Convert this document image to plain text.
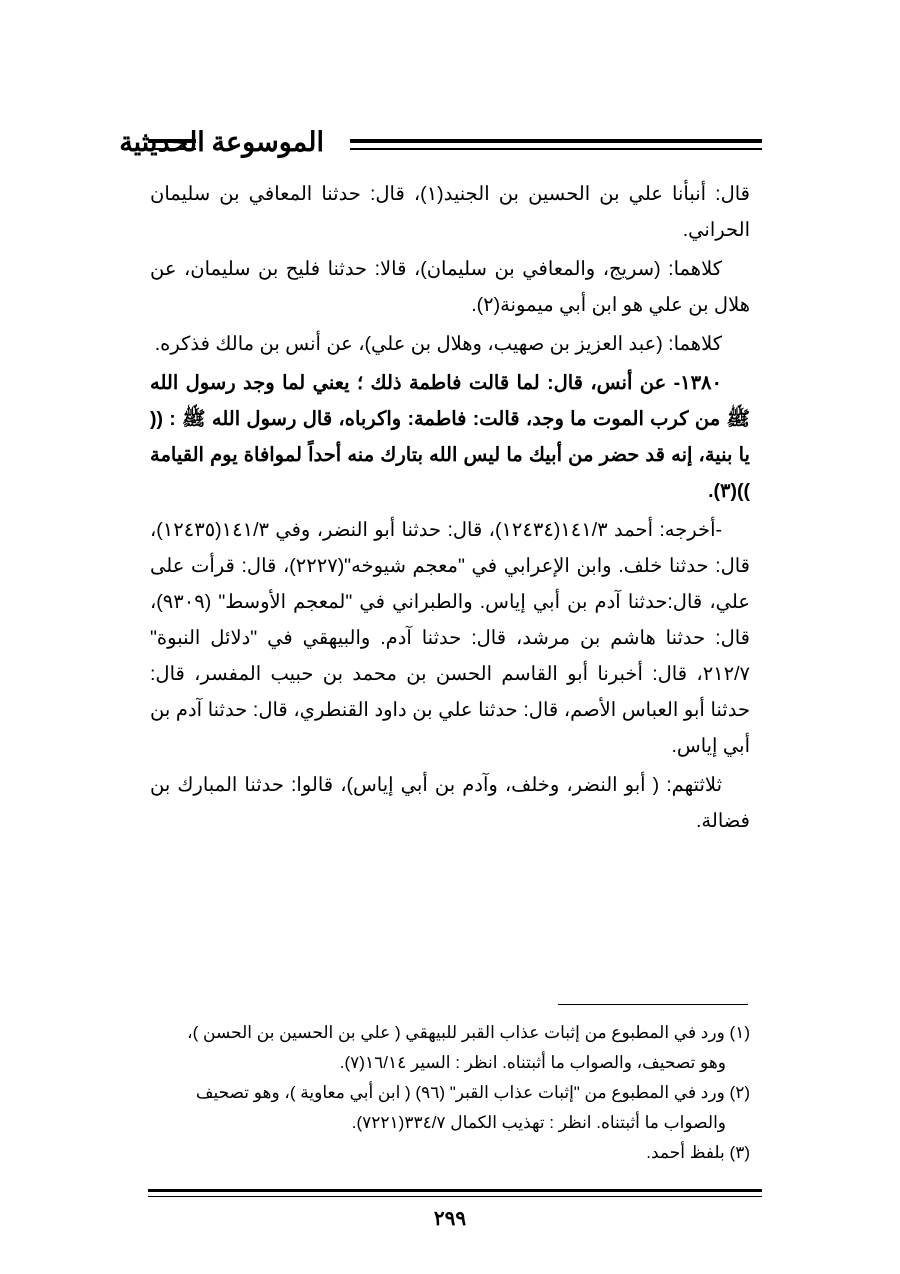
الموسوعة الحديثية

قال: أنبأنا علي بن الحسين بن الجنيد(١)، قال: حدثنا المعافي بن سليمان الحراني.

كلاهما: (سريج، والمعافي بن سليمان)، قالا: حدثنا فليح بن سليمان، عن هلال بن علي هو ابن أبي ميمونة(٢).

كلاهما: (عبد العزيز بن صهيب، وهلال بن علي)، عن أنس بن مالك فذكره.

١٣٨٠- عن أنس، قال: لما قالت فاطمة ذلك ؛ يعني لما وجد رسول الله ﷺ من كرب الموت ما وجد، قالت: فاطمة: واكرباه، قال رسول الله ﷺ : (( يا بنية، إنه قد حضر من أبيك ما ليس الله بتارك منه أحداً لموافاة يوم القيامة ))(٣).

-أخرجه: أحمد ١٤١/٣(١٢٤٣٤)، قال: حدثنا أبو النضر، وفي ١٤١/٣(١٢٤٣٥)، قال: حدثنا خلف. وابن الإعرابي في "معجم شيوخه"(٢٢٢٧)، قال: قرأت على علي، قال:حدثنا آدم بن أبي إياس. والطبراني في "لمعجم الأوسط" (٩٣٠٩)، قال: حدثنا هاشم بن مرشد، قال: حدثنا آدم. والبيهقي في "دلائل النبوة" ٢١٢/٧، قال: أخبرنا أبو القاسم الحسن بن محمد بن حبيب المفسر، قال: حدثنا أبو العباس الأصم، قال: حدثنا علي بن داود القنطري، قال: حدثنا آدم بن أبي إياس.

ثلاثتهم: ( أبو النضر، وخلف، وآدم بن أبي إياس)، قالوا: حدثنا المبارك بن فضالة.

(١) ورد في المطبوع من إثبات عذاب القبر للبيهقي ( علي بن الحسين بن الحسن )،

وهو تصحيف، والصواب ما أثبتناه. انظر : السير ١٦/١٤(٧).

(٢) ورد في المطبوع من "إثبات عذاب القبر" (٩٦) ( ابن أبي معاوية )، وهو تصحيف

والصواب ما أثبتناه. انظر : تهذيب الكمال ٣٣٤/٧(٧٢٢١).

(٣) بلفظ أحمد.

٢٩٩
